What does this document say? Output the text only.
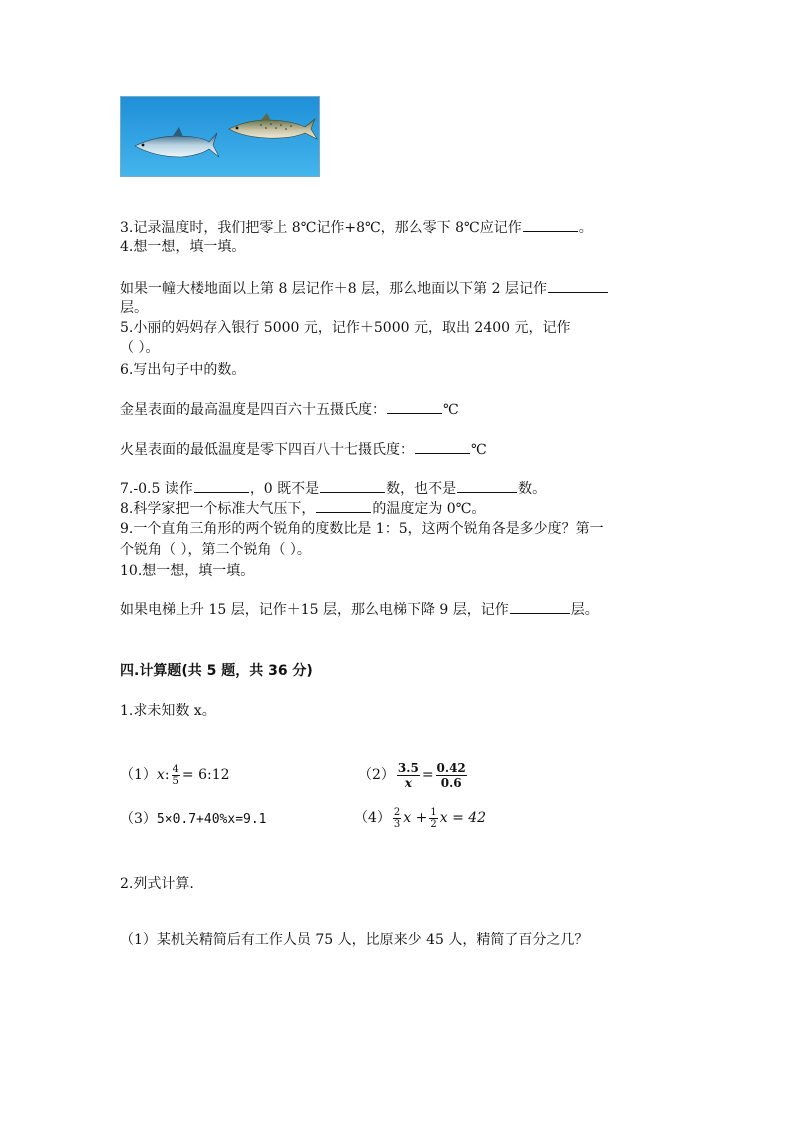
3.记录温度时，我们把零上 8℃记作+8℃，那么零下 8℃应记作	。
4.想一想，填一填。
如果一幢大楼地面以上第 8 层记作＋8 层，那么地面以下第 2 层记作
层。
5.小丽的妈妈存入银行 5000 元，记作＋5000 元，取出 2400 元，记作
（ ）。
6.写出句子中的数。
金星表面的最高温度是四百六十五摄氏度：	℃
火星表面的最低温度是零下四百八十七摄氏度：	℃
7.-0.5 读作	，0 既不是	数，也不是	数。
8.科学家把一个标准大气压下，	的温度定为 0℃。
9.一个直角三角形的两个锐角的度数比是 1：5，这两个锐角各是多少度？第一
个锐角（ ），第二个锐角（ ）。
10.想一想，填一填。
如果电梯上升 15 层，记作＋15 层，那么电梯下降 9 层，记作	层。
四.计算题(共 5 题，共 36 分)
1.求未知数 x。
（1）x: $\frac{4}{5}$ = 6:12	$(2) \frac{3.5}{x} = \frac{0.42}{0.6}$
（3）5×0.7+40%x=9.1	$(4) \frac{2}{3}$ $x + \frac{1}{2}$ x = 42
2.列式计算.
（1）某机关精简后有工作人员 75 人，比原来少 45 人，精简了百分之几？
